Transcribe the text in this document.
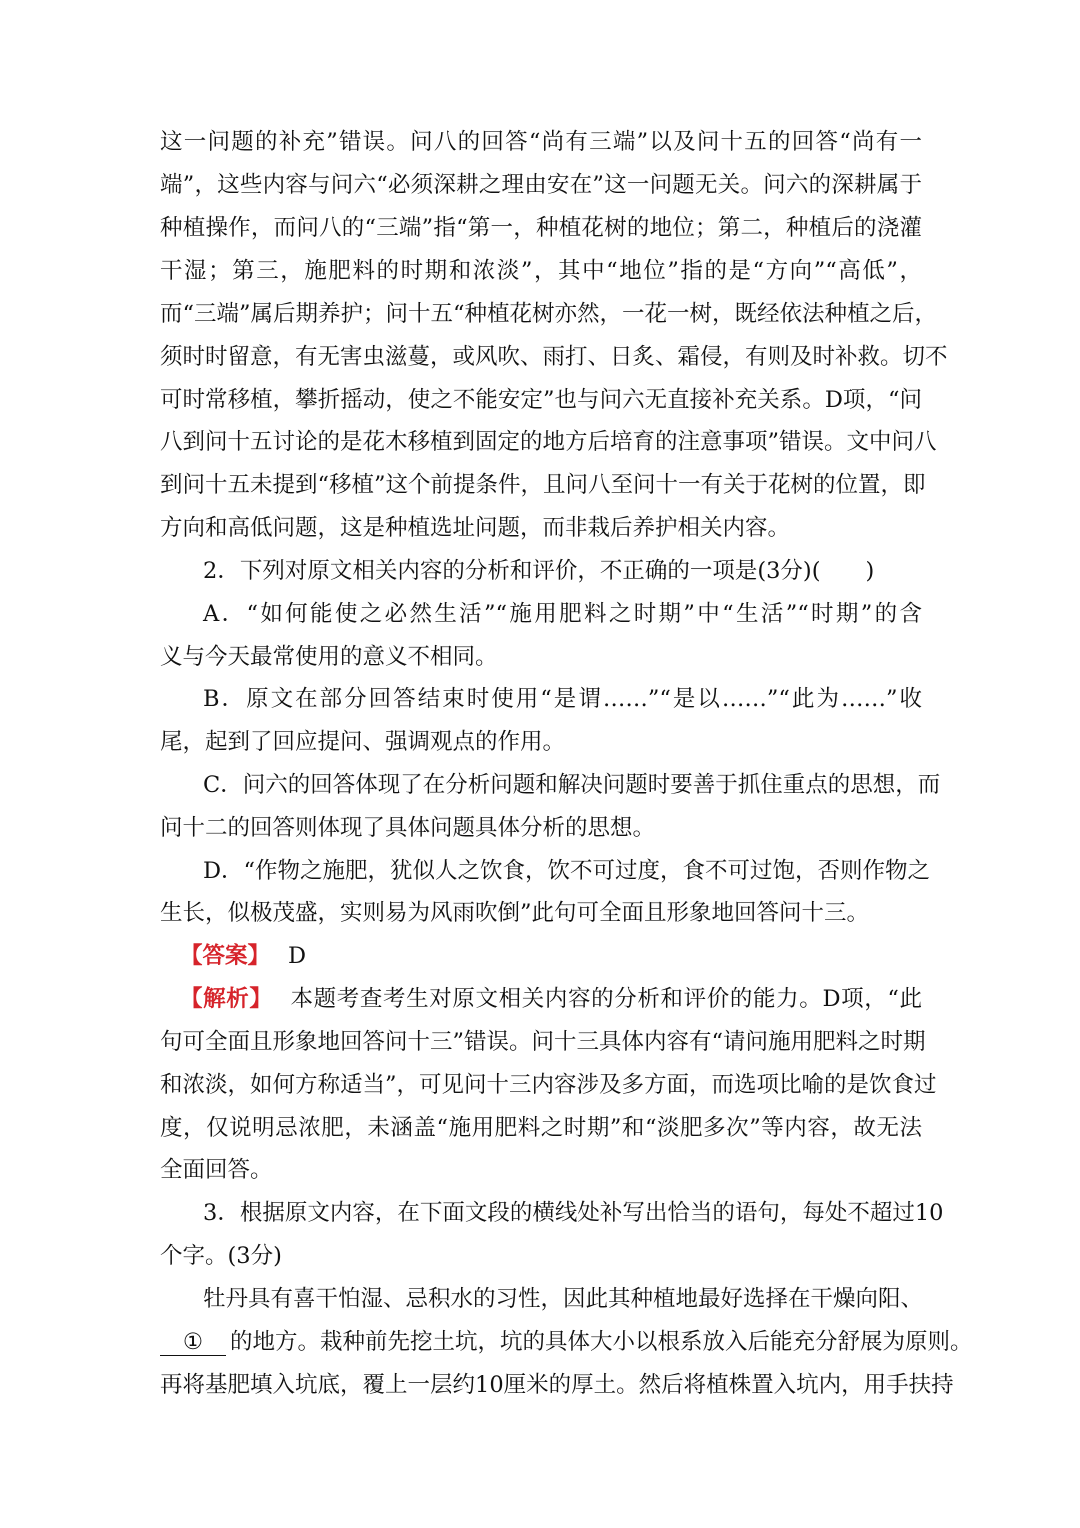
这一问题的补充”错误。问八的回答“尚有三端”以及问十五的回答“尚有一
端”，这些内容与问六“必须深耕之理由安在”这一问题无关。问六的深耕属于
种植操作，而问八的“三端”指“第一，种植花树的地位；第二，种植后的浇灌
干湿；第三，施肥料的时期和浓淡”，其中“地位”指的是“方向”“高低”，
而“三端”属后期养护；问十五“种植花树亦然，一花一树，既经依法种植之后，
须时时留意，有无害虫滋蔓，或风吹、雨打、日炙、霜侵，有则及时补救。切不
可时常移植，攀折摇动，使之不能安定”也与问六无直接补充关系。D项，“问
八到问十五讨论的是花木移植到固定的地方后培育的注意事项”错误。文中问八
到问十五未提到“移植”这个前提条件，且问八至问十一有关于花树的位置，即
方向和高低问题，这是种植选址问题，而非栽后养护相关内容。
2．下列对原文相关内容的分析和评价，不正确的一项是(3分)(　　)
A．“如何能使之必然生活”“施用肥料之时期”中“生活”“时期”的含
义与今天最常使用的意义不相同。
B．原文在部分回答结束时使用“是谓……”“是以……”“此为……”收
尾，起到了回应提问、强调观点的作用。
C．问六的回答体现了在分析问题和解决问题时要善于抓住重点的思想，而
问十二的回答则体现了具体问题具体分析的思想。
D．“作物之施肥，犹似人之饮食，饮不可过度，食不可过饱，否则作物之
生长，似极茂盛，实则易为风雨吹倒”此句可全面且形象地回答问十三。
【答案】 D
【解析】 本题考查考生对原文相关内容的分析和评价的能力。D项，“此
句可全面且形象地回答问十三”错误。问十三具体内容有“请问施用肥料之时期
和浓淡，如何方称适当”，可见问十三内容涉及多方面，而选项比喻的是饮食过
度，仅说明忌浓肥，未涵盖“施用肥料之时期”和“淡肥多次”等内容，故无法
全面回答。
3．根据原文内容，在下面文段的横线处补写出恰当的语句，每处不超过10
个字。(3分)
牡丹具有喜干怕湿、忌积水的习性，因此其种植地最好选择在干燥向阳、
① 的地方。栽种前先挖土坑，坑的具体大小以根系放入后能充分舒展为原则。
再将基肥填入坑底，覆上一层约10厘米的厚土。然后将植株置入坑内，用手扶持
